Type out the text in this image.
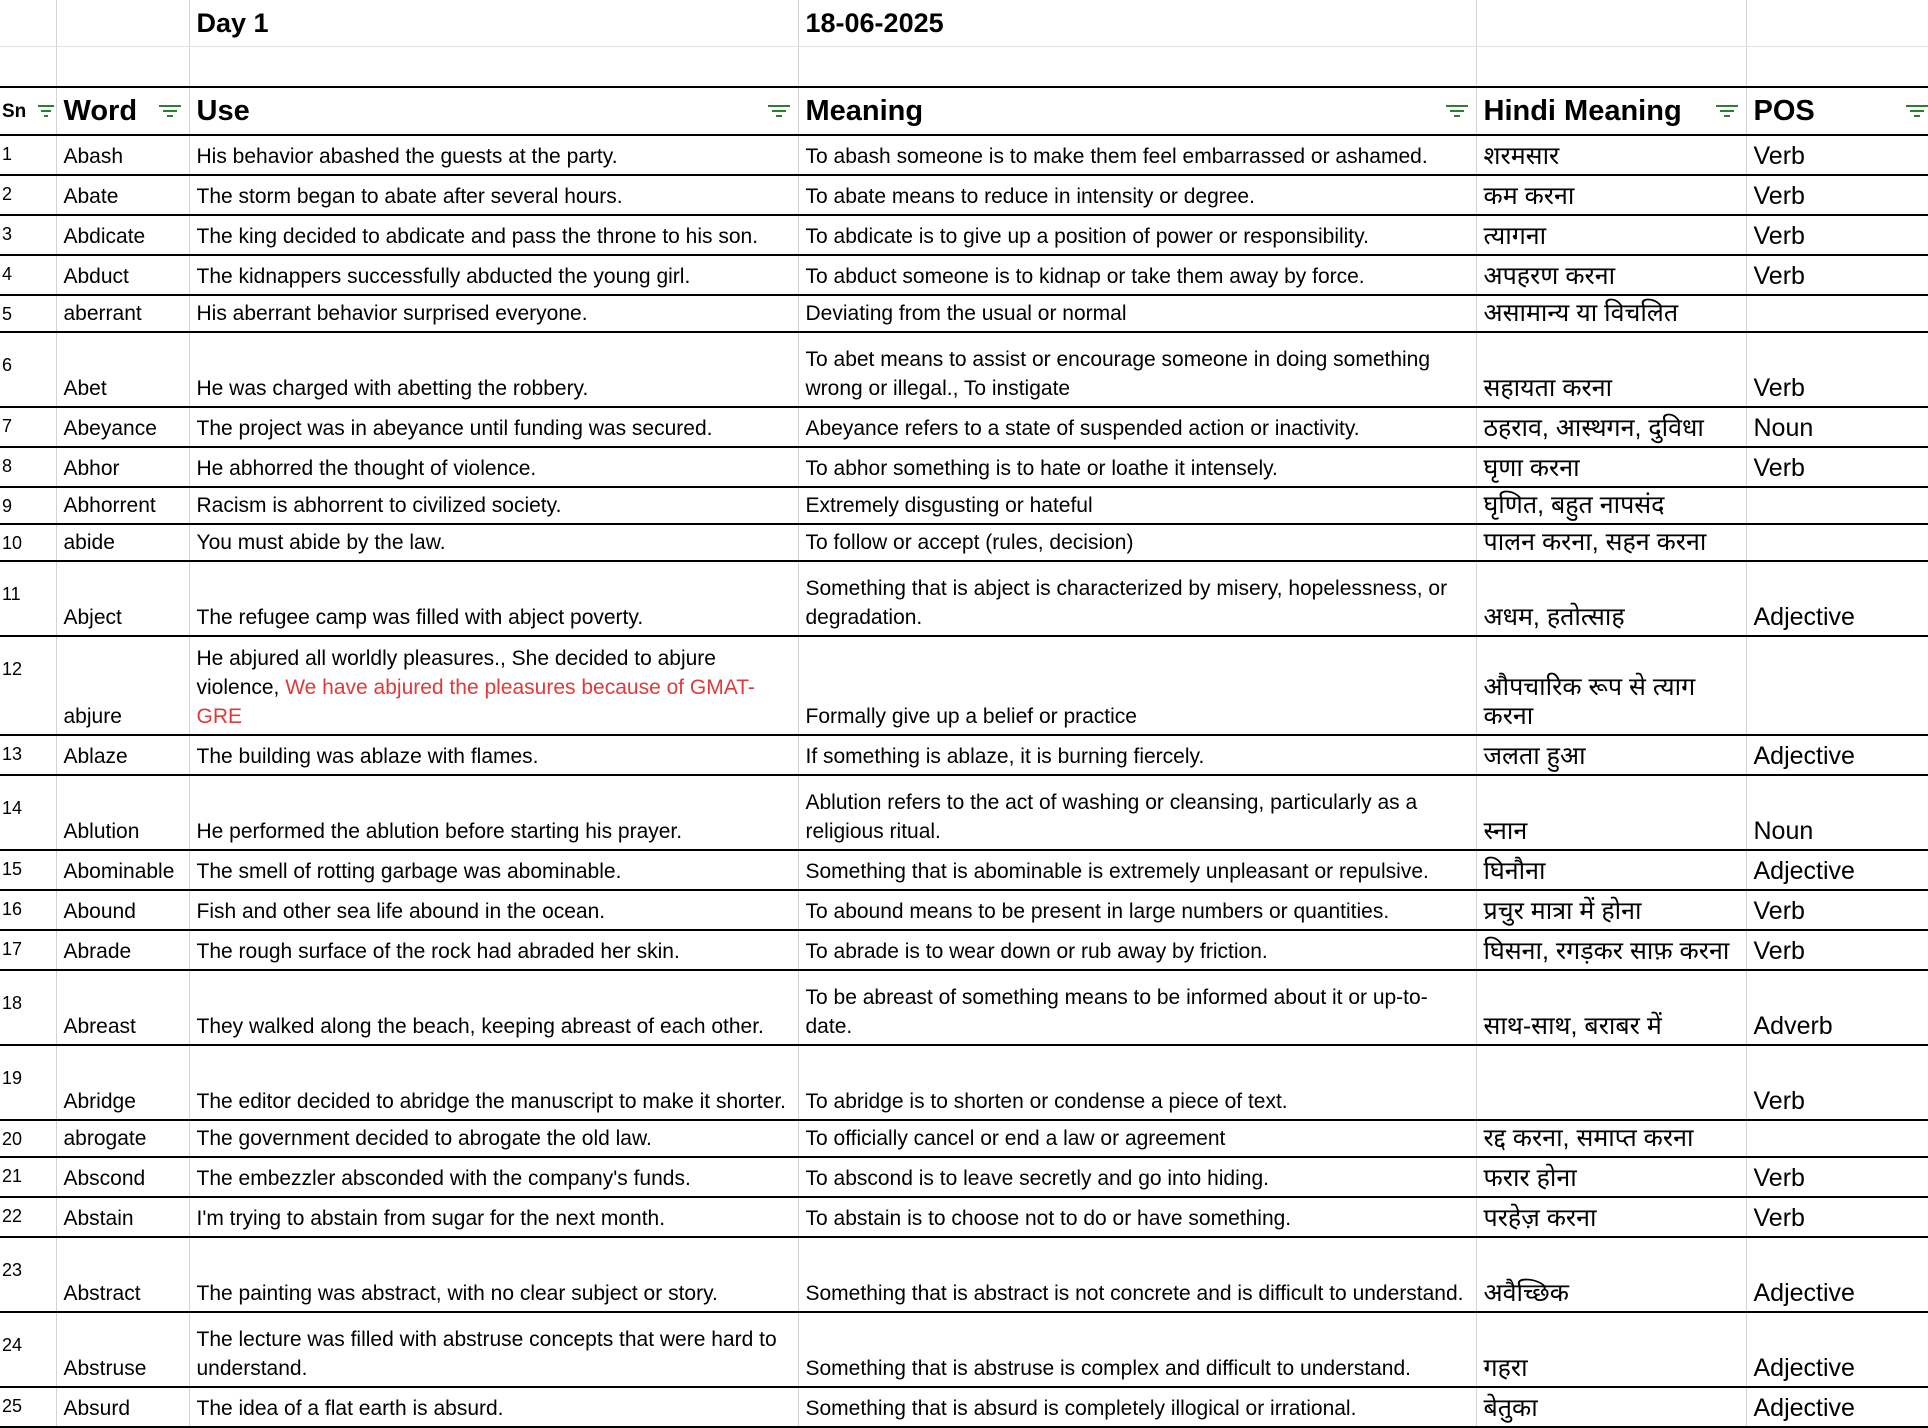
		Day 1	18-06-2025		

Sn	Word	Use	Meaning	Hindi Meaning	POS

1	Abash	His behavior abashed the guests at the party.	To abash someone is to make them feel embarrassed or ashamed.	शरमसार	Verb
2	Abate	The storm began to abate after several hours.	To abate means to reduce in intensity or degree.	कम करना	Verb
3	Abdicate	The king decided to abdicate and pass the throne to his son.	To abdicate is to give up a position of power or responsibility.	त्यागना	Verb
4	Abduct	The kidnappers successfully abducted the young girl.	To abduct someone is to kidnap or take them away by force.	अपहरण करना	Verb
5	aberrant	His aberrant behavior surprised everyone.	Deviating from the usual or normal	असामान्य या विचलित	
6	Abet	He was charged with abetting the robbery.	To abet means to assist or encourage someone in doing something wrong or illegal., To instigate	सहायता करना	Verb
7	Abeyance	The project was in abeyance until funding was secured.	Abeyance refers to a state of suspended action or inactivity.	ठहराव, आस्थगन, दुविधा	Noun
8	Abhor	He abhorred the thought of violence.	To abhor something is to hate or loathe it intensely.	घृणा करना	Verb
9	Abhorrent	Racism is abhorrent to civilized society.	Extremely disgusting or hateful	घृणित, बहुत नापसंद	
10	abide	You must abide by the law.	To follow or accept (rules, decision)	पालन करना, सहन करना	
11	Abject	The refugee camp was filled with abject poverty.	Something that is abject is characterized by misery, hopelessness, or degradation.	अधम, हतोत्साह	Adjective
12	abjure	He abjured all worldly pleasures., She decided to abjure violence, We have abjured the pleasures because of GMAT-GRE	Formally give up a belief or practice	औपचारिक रूप से त्याग करना	
13	Ablaze	The building was ablaze with flames.	If something is ablaze, it is burning fiercely.	जलता हुआ	Adjective
14	Ablution	He performed the ablution before starting his prayer.	Ablution refers to the act of washing or cleansing, particularly as a religious ritual.	स्नान	Noun
15	Abominable	The smell of rotting garbage was abominable.	Something that is abominable is extremely unpleasant or repulsive.	घिनौना	Adjective
16	Abound	Fish and other sea life abound in the ocean.	To abound means to be present in large numbers or quantities.	प्रचुर मात्रा में होना	Verb
17	Abrade	The rough surface of the rock had abraded her skin.	To abrade is to wear down or rub away by friction.	घिसना, रगड़कर साफ़ करना	Verb
18	Abreast	They walked along the beach, keeping abreast of each other.	To be abreast of something means to be informed about it or up-to-date.	साथ-साथ, बराबर में	Adverb
19	Abridge	The editor decided to abridge the manuscript to make it shorter.	To abridge is to shorten or condense a piece of text.		Verb
20	abrogate	The government decided to abrogate the old law.	To officially cancel or end a law or agreement	रद्द करना, समाप्त करना	
21	Abscond	The embezzler absconded with the company's funds.	To abscond is to leave secretly and go into hiding.	फरार होना	Verb
22	Abstain	I'm trying to abstain from sugar for the next month.	To abstain is to choose not to do or have something.	परहेज़ करना	Verb
23	Abstract	The painting was abstract, with no clear subject or story.	Something that is abstract is not concrete and is difficult to understand.	अवैच्छिक	Adjective
24	Abstruse	The lecture was filled with abstruse concepts that were hard to understand.	Something that is abstruse is complex and difficult to understand.	गहरा	Adjective
25	Absurd	The idea of a flat earth is absurd.	Something that is absurd is completely illogical or irrational.	बेतुका	Adjective
